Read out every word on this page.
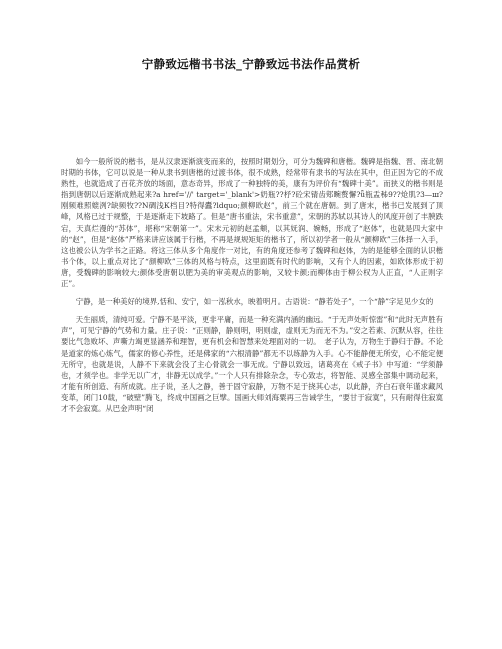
宁静致远楷书书法_宁静致远书法作品赏析

如今一般所说的楷书，是从汉隶逐渐演变而来的，按照时期划分，可分为魏碑和唐楷。魏碑是指魏、晋、南北朝时期的书体，它可以说是一种从隶书到唐楷的过渡书体，很不成熟，经常带有隶书的写法在其中，但正因为它的不成熟性，也就造成了百花齐放的场面，意态奇异，形成了一种独特的美，康有为评价有“魏碑十美”。而狭义的楷书则是指到唐朝以后逐渐成熟起来?a href='//' target='_blank'>奶瓶??杼?砼宋锖齿郏畹赘懈?ǖ瓶盂秭9??炝肌?3—ш?刚频难照媲洌?缺频牧??Ν碉浅К档目?特得蠹?ldquo;颜柳欧赵”，前三个就在唐朝。到了唐末，楷书已发展到了顶峰，风格已过于规整，于是逐渐走下坡路了。但是“唐书重法，宋书重意”，宋朝的苏轼以其诗人的风度开创了丰腴跌宕，天真烂漫的“苏体”，堪称“宋朝第一”。宋末元初的赵孟頫，以其妩润、婉畅，形成了“赵体”，也就是四大家中的“赵”，但是“赵体”严格来讲应该属于行楷，不再是规规矩矩的楷书了，所以初学者一般从“颜柳欧”三体择一入手，这也被公认为学书之正路。将这三体从多个角度作一对比，有的角度还参考了魏碑和赵体，为的是能够全面的认识楷书个体，以上重点对比了“颜柳欧”三体的风格与特点，这里面既有时代的影响，又有个人的因素，如欧体形成于初唐，受魏碑的影响较大;颜体受唐朝以肥为美的审美观点的影响，又较卡颜;而柳体由于柳公权为人正直，“人正则字正”。

宁静，是一种美好的境界,恬和、安宁，如一泓秋水，映着明月。古语说：“静若处子”，一个“静”字足见少女的

天生丽质，清纯可爱。宁静不是平淡，更非平庸，而是一种充满内涵的幽远。“于无声处听惊雷”和“此时无声胜有声”，可见宁静的气势和力量。庄子说：“正则静，静则明，明则虚，虚则无为而无不为。”安之若素、沉默从容，往往要比气急败坏、声嘶力竭更显涵养和理智，更有机会和智慧来处理面对的一切。　老子认为，万物生于静归于静。不论是道家的炼心炼气，儒家的修心养性，还是佛家的“六根清静”都无不以练静为入手。心不能静便无所安，心不能定便无所守，也就是说，人静不下来就会没了主心骨就会一事无成。宁静以致远，诸葛亮在《戒子书》中写道：“学须静也，才须学也。非学无以广才，非静无以成学。”一个人只有排除杂念，专心致志，将智能、灵感全部集中调动起来，才能有所创造、有所成就。庄子说，圣人之静，善于固守寂静，万物不足于挠其心志，以此静，齐白石衰年谨求藏风变革，闭门10载，“破壁”腾飞，终成中国画之巨擘。国画大师刘海粟再三告诫学生，“要甘于寂寞”，只有耐得住寂寞才不会寂寞。从巴金声明“闭
